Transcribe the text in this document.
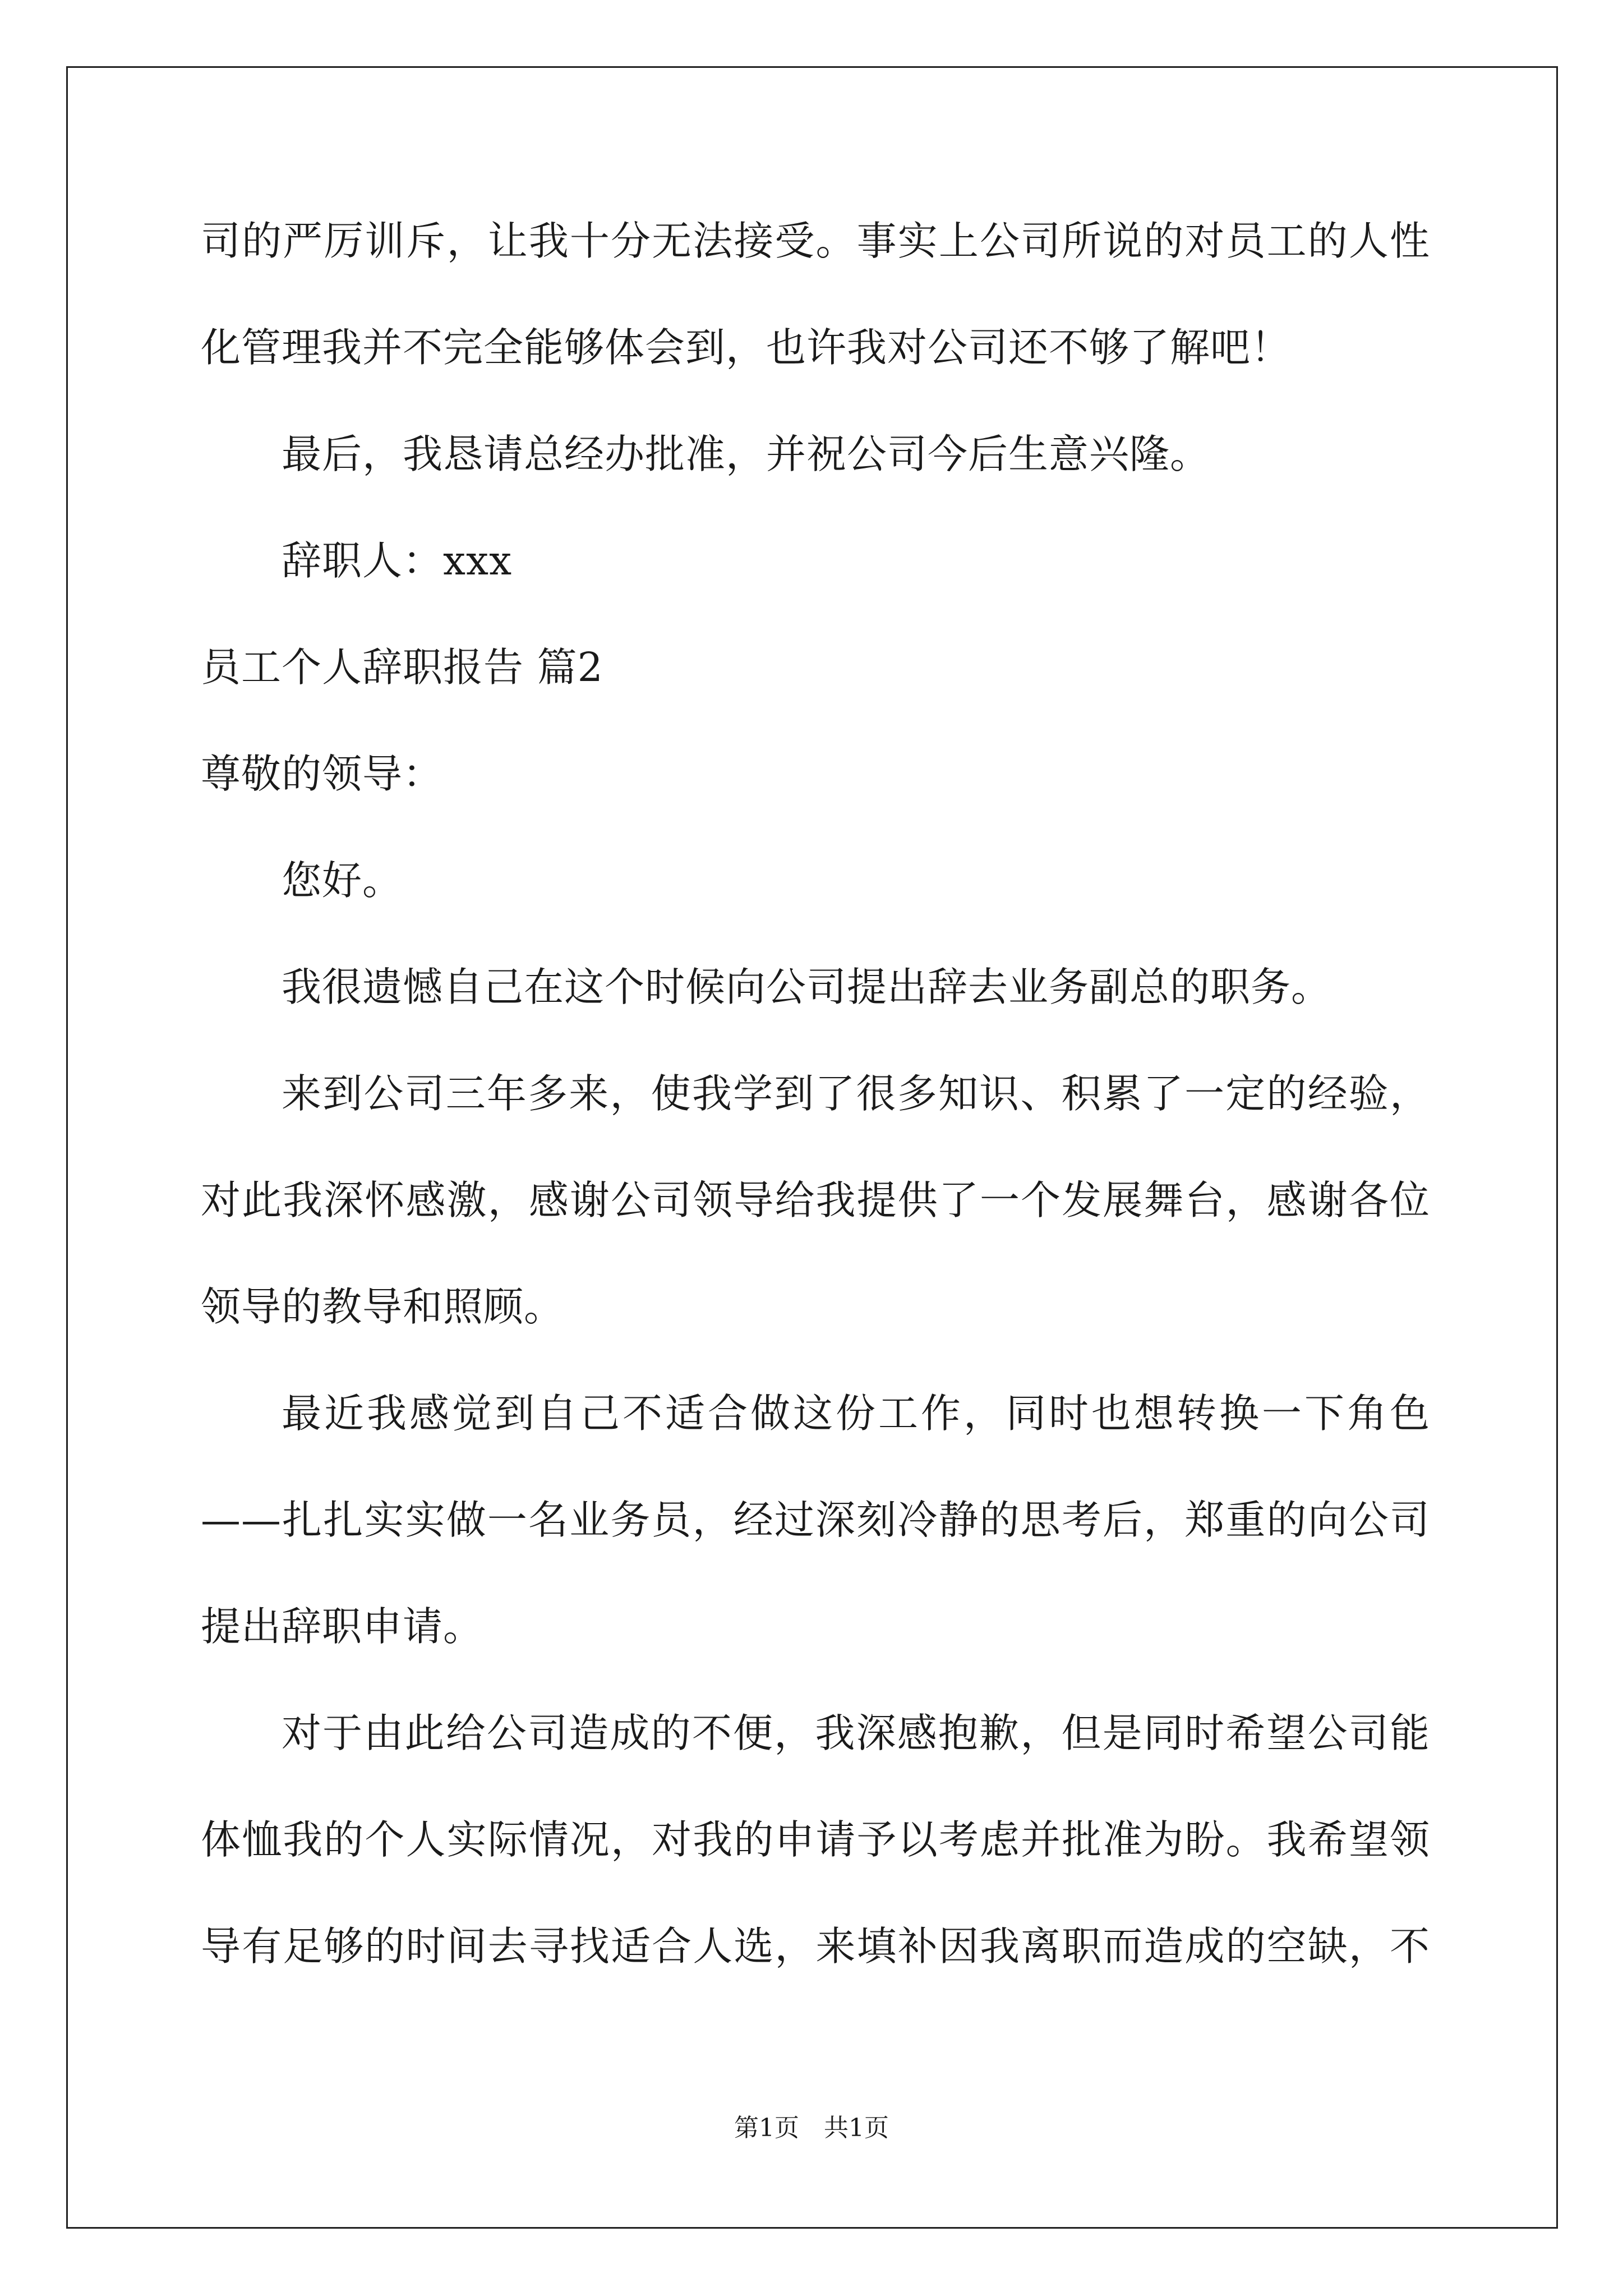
司的严厉训斥，让我十分无法接受。事实上公司所说的对员工的人性
化管理我并不完全能够体会到，也许我对公司还不够了解吧！
最后，我恳请总经办批准，并祝公司今后生意兴隆。
辞职人：xxx
员工个人辞职报告 篇2
尊敬的领导：
您好。
我很遗憾自己在这个时候向公司提出辞去业务副总的职务。
来到公司三年多来，使我学到了很多知识、积累了一定的经验，
对此我深怀感激，感谢公司领导给我提供了一个发展舞台，感谢各位
领导的教导和照顾。
最近我感觉到自己不适合做这份工作，同时也想转换一下角色
——扎扎实实做一名业务员，经过深刻冷静的思考后，郑重的向公司
提出辞职申请。
对于由此给公司造成的不便，我深感抱歉，但是同时希望公司能
体恤我的个人实际情况，对我的申请予以考虑并批准为盼。我希望领
导有足够的时间去寻找适合人选，来填补因我离职而造成的空缺，不
第1页　共1页
